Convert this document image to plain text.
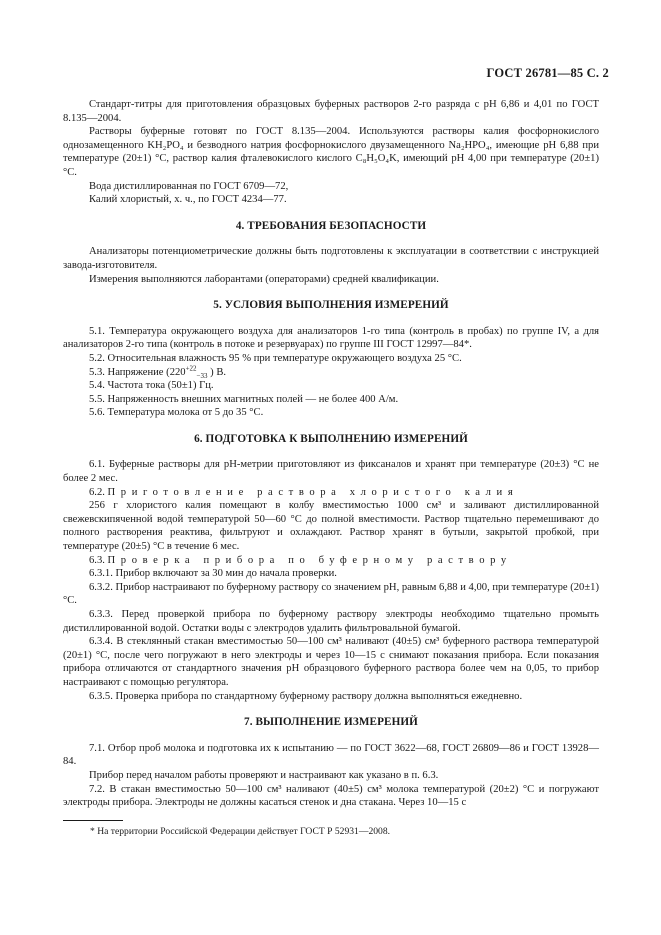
ГОСТ 26781—85 С. 2

Стандарт-титры для приготовления образцовых буферных растворов 2-го разряда с pH 6,86 и 4,01 по ГОСТ 8.135—2004.

Растворы буферные готовят по ГОСТ 8.135—2004. Используются растворы калия фосфорнокислого однозамещенного KH₂PO₄ и безводного натрия фосфорнокислого двузамещенного Na₂HPO₄, имеющие pH 6,88 при температуре (20±1) °С, раствор калия фталевокислого кислого C₈H₅O₄K, имеющий pH 4,00 при температуре (20±1) °С.

Вода дистиллированная по ГОСТ 6709—72,

Калий хлористый, х. ч., по ГОСТ 4234—77.

4. ТРЕБОВАНИЯ БЕЗОПАСНОСТИ

Анализаторы потенциометрические должны быть подготовлены к эксплуатации в соответствии с инструкцией завода-изготовителя.

Измерения выполняются лаборантами (операторами) средней квалификации.

5. УСЛОВИЯ ВЫПОЛНЕНИЯ ИЗМЕРЕНИЙ

5.1. Температура окружающего воздуха для анализаторов 1-го типа (контроль в пробах) по группе IV, а для анализаторов 2-го типа (контроль в потоке и резервуарах) по группе III ГОСТ 12997—84*.

5.2. Относительная влажность 95 % при температуре окружающего воздуха 25 °С.

5.3. Напряжение ($220^{+22}_{-33}$ ) В.

5.4. Частота тока (50±1) Гц.

5.5. Напряженность внешних магнитных полей — не более 400 А/м.

5.6. Температура молока от 5 до 35 °С.

6. ПОДГОТОВКА К ВЫПОЛНЕНИЮ ИЗМЕРЕНИЙ

6.1. Буферные растворы для pH-метрии приготовляют из фиксаналов и хранят при температуре (20±3) °С не более 2 мес.

6.2. Приготовление раствора хлористого калия

256 г хлористого калия помещают в колбу вместимостью 1000 см³ и заливают дистиллированной свежевскипяченной водой температурой 50—60 °С до полной вместимости. Раствор тщательно перемешивают до полного растворения реактива, фильтруют и охлаждают. Раствор хранят в бутыли, закрытой пробкой, при температуре (20±5) °С в течение 6 мес.

6.3. Проверка прибора по буферному раствору

6.3.1. Прибор включают за 30 мин до начала проверки.

6.3.2. Прибор настраивают по буферному раствору со значением pH, равным 6,88 и 4,00, при температуре (20±1) °С.

6.3.3. Перед проверкой прибора по буферному раствору электроды необходимо тщательно промыть дистиллированной водой. Остатки воды с электродов удалить фильтровальной бумагой.

6.3.4. В стеклянный стакан вместимостью 50—100 см³ наливают (40±5) см³ буферного раствора температурой (20±1) °С, после чего погружают в него электроды и через 10—15 с снимают показания прибора. Если показания прибора отличаются от стандартного значения pH образцового буферного раствора более чем на 0,05, то прибор настраивают с помощью регулятора.

6.3.5. Проверка прибора по стандартному буферному раствору должна выполняться ежедневно.

7. ВЫПОЛНЕНИЕ ИЗМЕРЕНИЙ

7.1. Отбор проб молока и подготовка их к испытанию — по ГОСТ 3622—68, ГОСТ 26809—86 и ГОСТ 13928—84.

Прибор перед началом работы проверяют и настраивают как указано в п. 6.3.

7.2. В стакан вместимостью 50—100 см³ наливают (40±5) см³ молока температурой (20±2) °С и погружают электроды прибора. Электроды не должны касаться стенок и дна стакана. Через 10—15 с

* На территории Российской Федерации действует ГОСТ Р 52931—2008.
